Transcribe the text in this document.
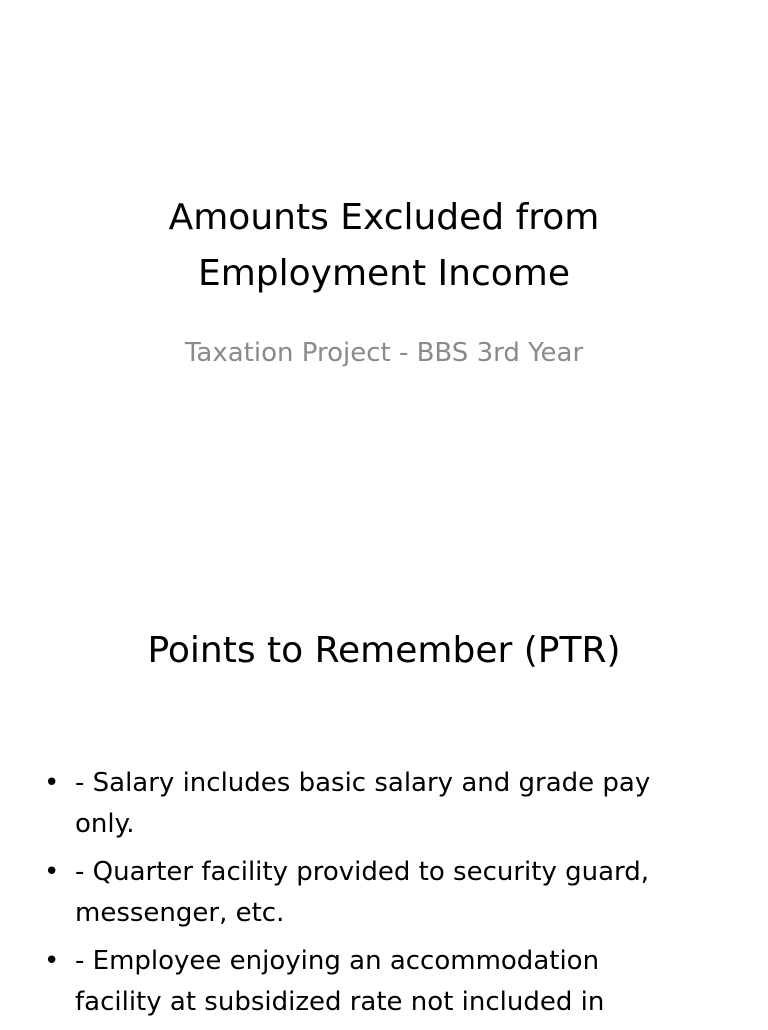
Amounts Excluded from
Employment Income
Taxation Project - BBS 3rd Year
Points to Remember (PTR)
• - Salary includes basic salary and grade pay
only.
• - Quarter facility provided to security guard,
messenger, etc.
• - Employee enjoying an accommodation
facility at subsidized rate not included in
